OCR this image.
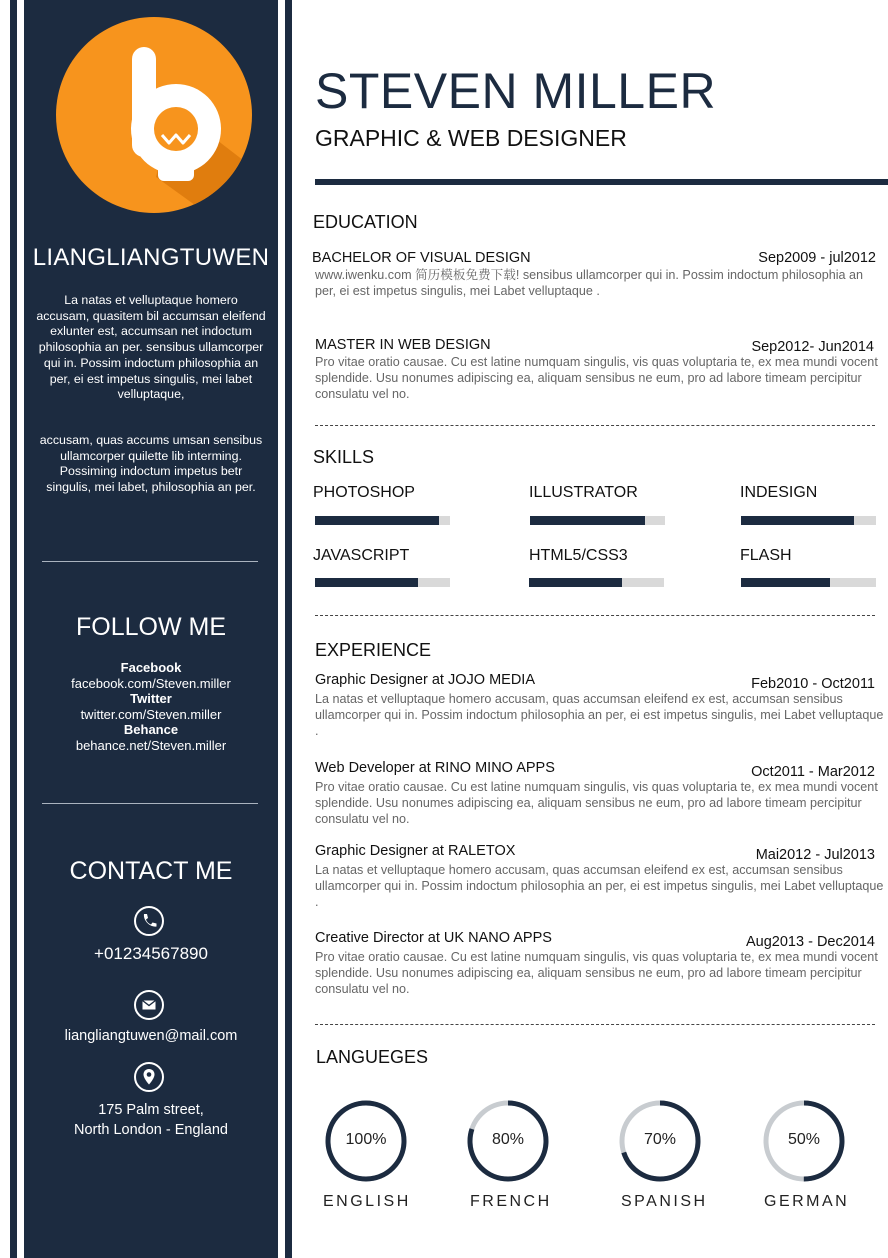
LIANGLIANGTUWEN
La natas et velluptaque homero accusam, quasitem bil accumsan eleifend exlunter est, accumsan net indoctum philosophia an per. sensibus ullamcorper qui in. Possim indoctum philosophia an per, ei est impetus singulis, mei labet velluptaque,
accusam, quas accums umsan sensibus ullamcorper quilette lib interming. Possiming indoctum impetus betr singulis, mei labet, philosophia an per.
FOLLOW ME
Facebook
facebook.com/Steven.miller
Twitter
twitter.com/Steven.miller
Behance
behance.net/Steven.miller
CONTACT ME
+01234567890
liangliangtuwen@mail.com
175 Palm street,
North London - England
STEVEN MILLER
GRAPHIC & WEB DESIGNER
EDUCATION
BACHELOR OF VISUAL DESIGN	Sep2009 - jul2012
www.iwenku.com 简历模板免费下载! sensibus ullamcorper qui in. Possim indoctum philosophia an per, ei est impetus singulis, mei Labet velluptaque .
MASTER IN WEB DESIGN	Sep2012- Jun2014
Pro vitae oratio causae. Cu est latine numquam singulis, vis quas voluptaria te, ex mea mundi vocent splendide. Usu nonumes adipiscing ea, aliquam sensibus ne eum, pro ad labore timeam percipitur consulatu vel no.
SKILLS
PHOTOSHOP	ILLUSTRATOR	INDESIGN
JAVASCRIPT	HTML5/CSS3	FLASH
EXPERIENCE
Graphic Designer at JOJO MEDIA	Feb2010 - Oct2011
La natas et velluptaque homero accusam, quas accumsan eleifend ex est, accumsan sensibus ullamcorper qui in. Possim indoctum philosophia an per, ei est impetus singulis, mei Labet velluptaque .
Web Developer at RINO MINO APPS	Oct2011 - Mar2012
Pro vitae oratio causae. Cu est latine numquam singulis, vis quas voluptaria te, ex mea mundi vocent splendide. Usu nonumes adipiscing ea, aliquam sensibus ne eum, pro ad labore timeam percipitur consulatu vel no.
Graphic Designer at RALETOX	Mai2012 - Jul2013
La natas et velluptaque homero accusam, quas accumsan eleifend ex est, accumsan sensibus ullamcorper qui in. Possim indoctum philosophia an per, ei est impetus singulis, mei Labet velluptaque .
Creative Director at UK NANO APPS	Aug2013 - Dec2014
Pro vitae oratio causae. Cu est latine numquam singulis, vis quas voluptaria te, ex mea mundi vocent splendide. Usu nonumes adipiscing ea, aliquam sensibus ne eum, pro ad labore timeam percipitur consulatu vel no.
LANGUEGES
100%
ENGLISH
80%
FRENCH
70%
SPANISH
50%
GERMAN
